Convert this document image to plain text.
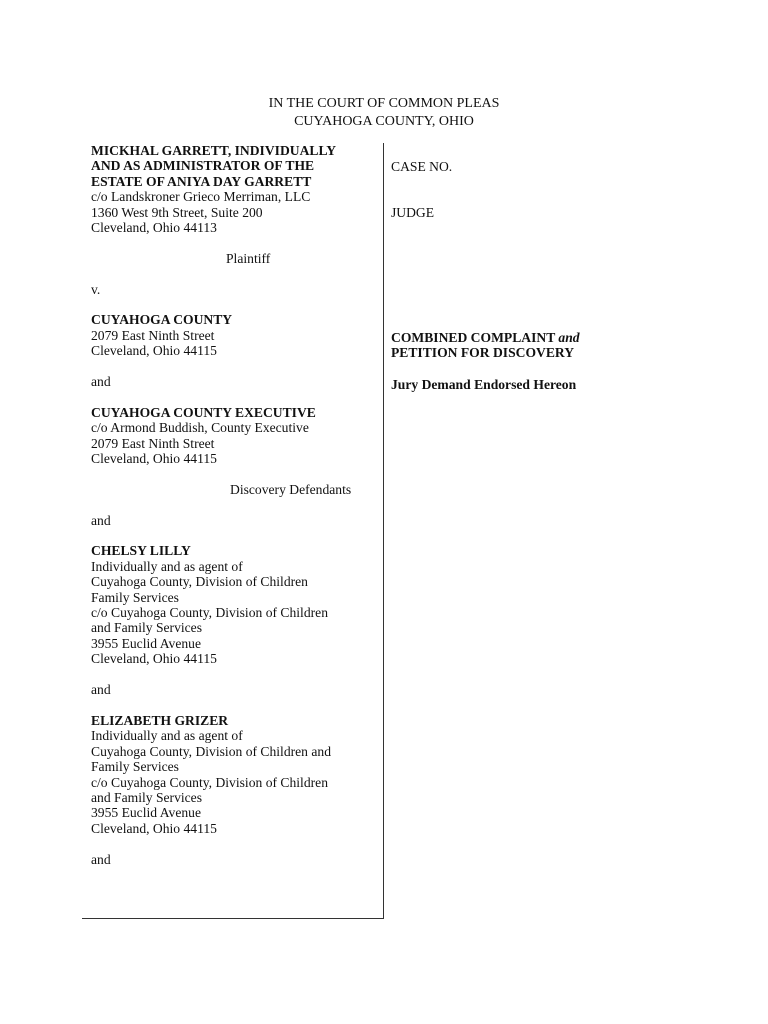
IN THE COURT OF COMMON PLEAS
CUYAHOGA COUNTY, OHIO
MICKHAL GARRETT, INDIVIDUALLY
AND AS ADMINISTRATOR OF THE
ESTATE OF ANIYA DAY GARRETT
c/o Landskroner Grieco Merriman, LLC
1360 West 9th Street, Suite 200
Cleveland, Ohio 44113
Plaintiff
v.
CUYAHOGA COUNTY
2079 East Ninth Street
Cleveland, Ohio 44115
and
CUYAHOGA COUNTY EXECUTIVE
c/o Armond Buddish, County Executive
2079 East Ninth Street
Cleveland, Ohio 44115
Discovery Defendants
and
CHELSY LILLY
Individually and as agent of
Cuyahoga County, Division of Children
Family Services
c/o Cuyahoga County, Division of Children
and Family Services
3955 Euclid Avenue
Cleveland, Ohio 44115
and
ELIZABETH GRIZER
Individually and as agent of
Cuyahoga County, Division of Children and
Family Services
c/o Cuyahoga County, Division of Children
and Family Services
3955 Euclid Avenue
Cleveland, Ohio 44115
and
CASE NO.
JUDGE
COMBINED COMPLAINT and
PETITION FOR DISCOVERY
Jury Demand Endorsed Hereon
